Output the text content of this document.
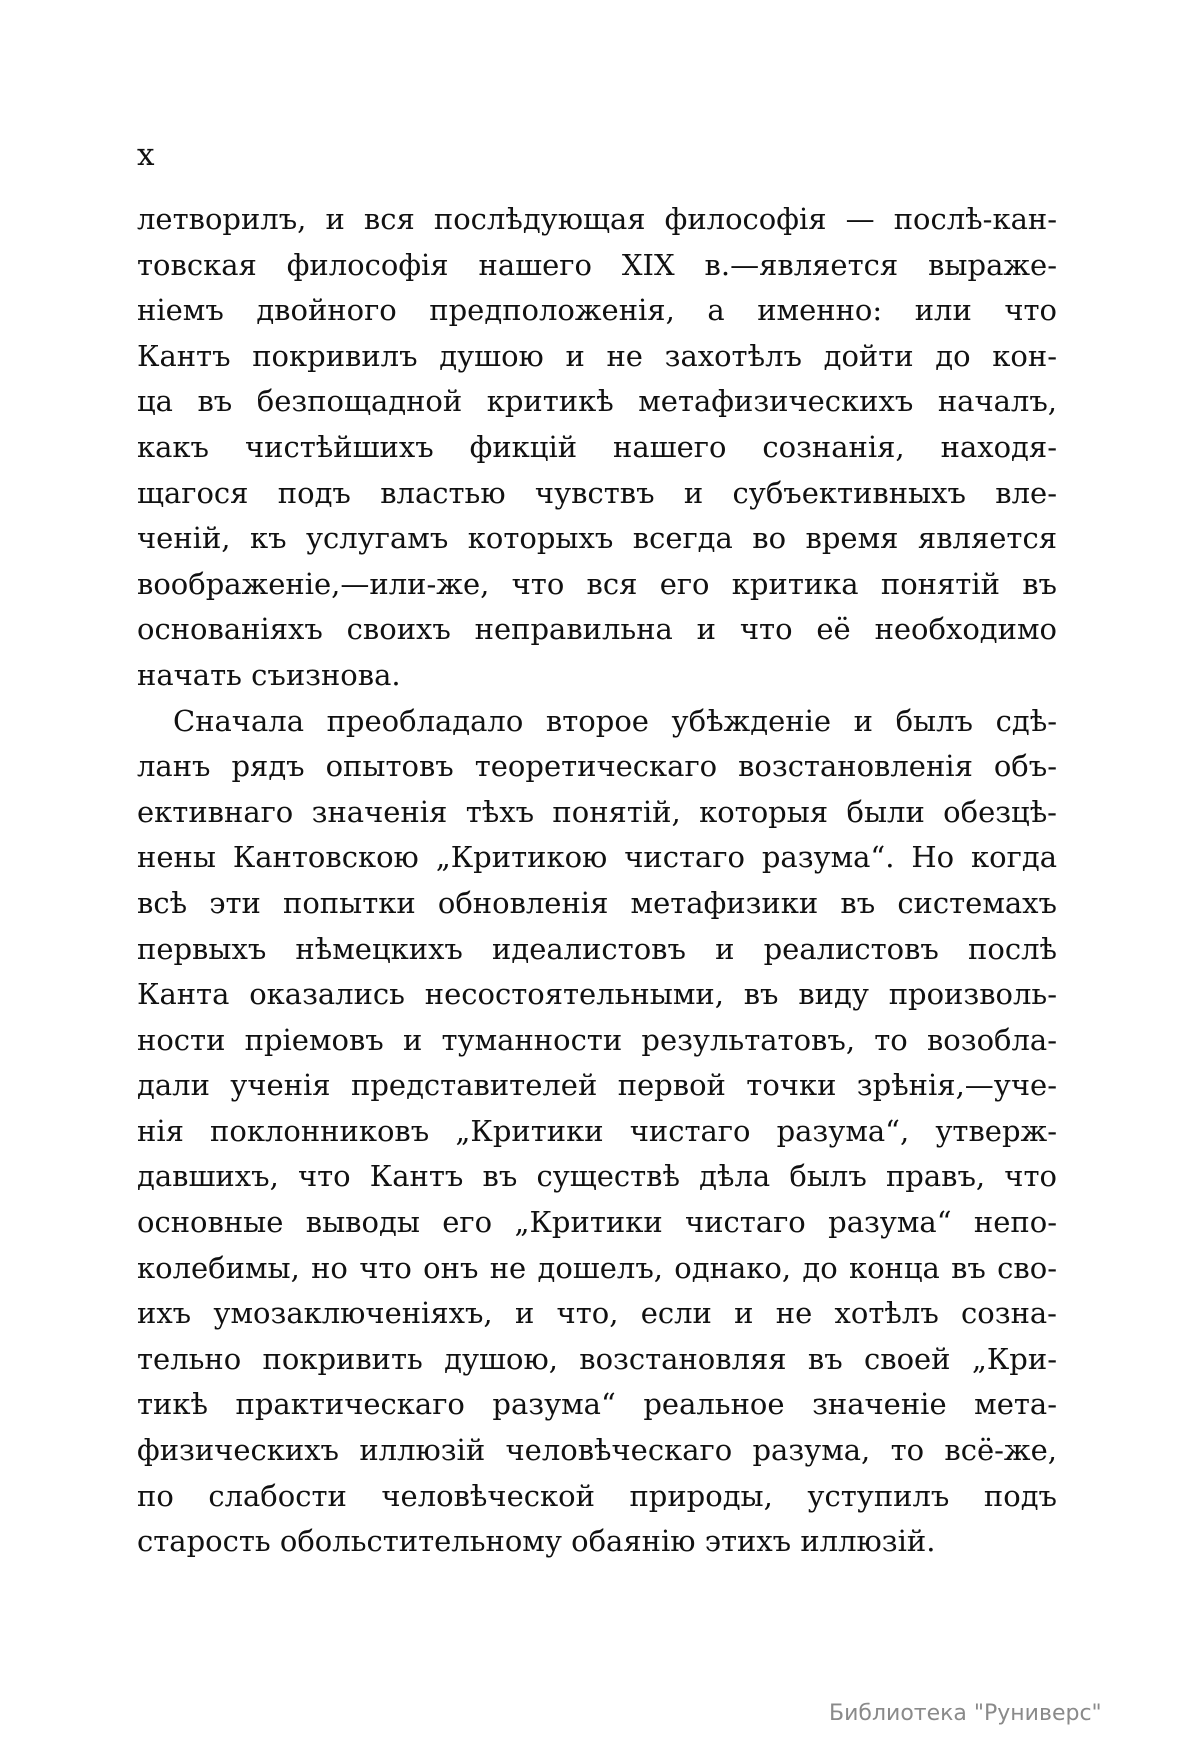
x
летворилъ, и вся послѣдующая философія — послѣ-кан-
товская философія нашего XIX в.—является выраже-
ніемъ двойного предположенія, а именно: или что
Кантъ покривилъ душою и не захотѣлъ дойти до кон-
ца въ безпощадной критикѣ метафизическихъ началъ,
какъ чистѣйшихъ фикцій нашего сознанія, находя-
щагося подъ властью чувствъ и субъективныхъ вле-
ченій, къ услугамъ которыхъ всегда во время является
воображеніе,—или-же, что вся его критика понятій въ
основаніяхъ своихъ неправильна и что её необходимо
начать съизнова.
Сначала преобладало второе убѣжденіе и былъ сдѣ-
ланъ рядъ опытовъ теоретическаго возстановленія объ-
ективнаго значенія тѣхъ понятій, которыя были обезцѣ-
нены Кантовскою „Критикою чистаго разума“. Но когда
всѣ эти попытки обновленія метафизики въ системахъ
первыхъ нѣмецкихъ идеалистовъ и реалистовъ послѣ
Канта оказались несостоятельными, въ виду произволь-
ности пріемовъ и туманности результатовъ, то возобла-
дали ученія представителей первой точки зрѣнія,—уче-
нія поклонниковъ „Критики чистаго разума“, утверж-
давшихъ, что Кантъ въ существѣ дѣла былъ правъ, что
основные выводы его „Критики чистаго разума“ непо-
колебимы, но что онъ не дошелъ, однако, до конца въ сво-
ихъ умозаключеніяхъ, и что, если и не хотѣлъ созна-
тельно покривить душою, возстановляя въ своей „Кри-
тикѣ практическаго разума“ реальное значеніе мета-
физическихъ иллюзій человѣческаго разума, то всё-же,
по слабости человѣческой природы, уступилъ подъ
старость обольстительному обаянію этихъ иллюзій.
Библиотека "Руниверс"
